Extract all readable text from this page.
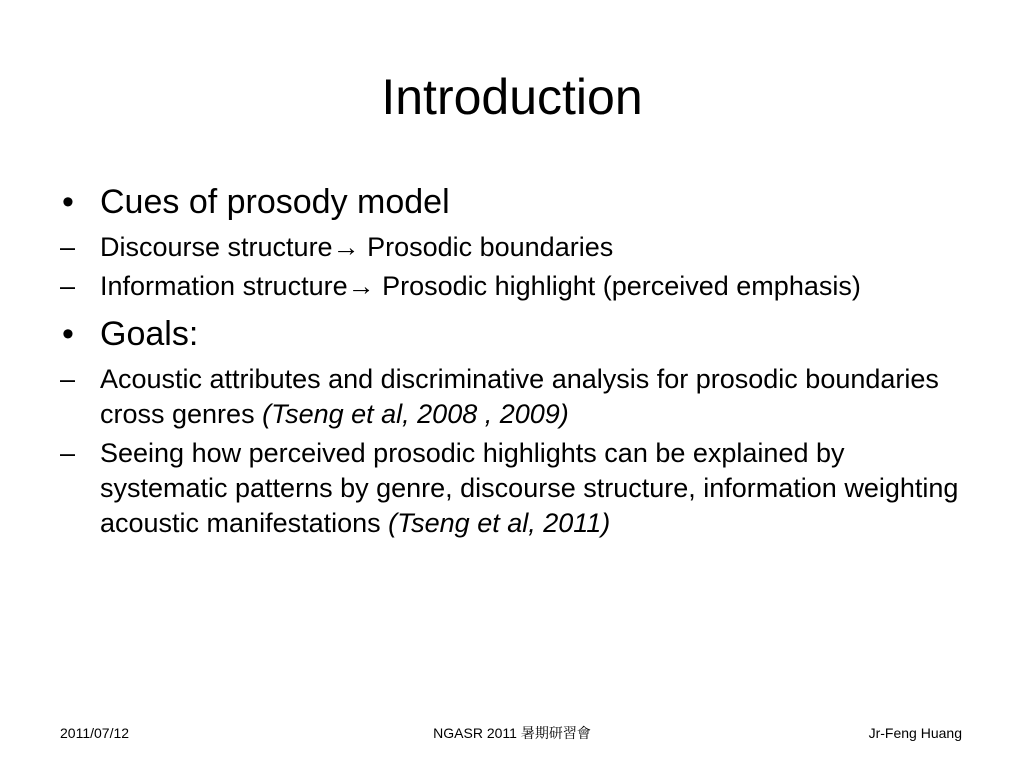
Introduction

• Cues of prosody model

– Discourse structure→ Prosodic boundaries

– Information structure→ Prosodic highlight (perceived emphasis)

• Goals:

– Acoustic attributes and discriminative analysis for prosodic boundaries cross genres (Tseng et al, 2008 , 2009)

– Seeing how perceived prosodic highlights can be explained by systematic patterns by genre, discourse structure, information weighting acoustic manifestations (Tseng et al, 2011)

2011/07/12	NGASR 2011 暑期研習會	Jr-Feng Huang
